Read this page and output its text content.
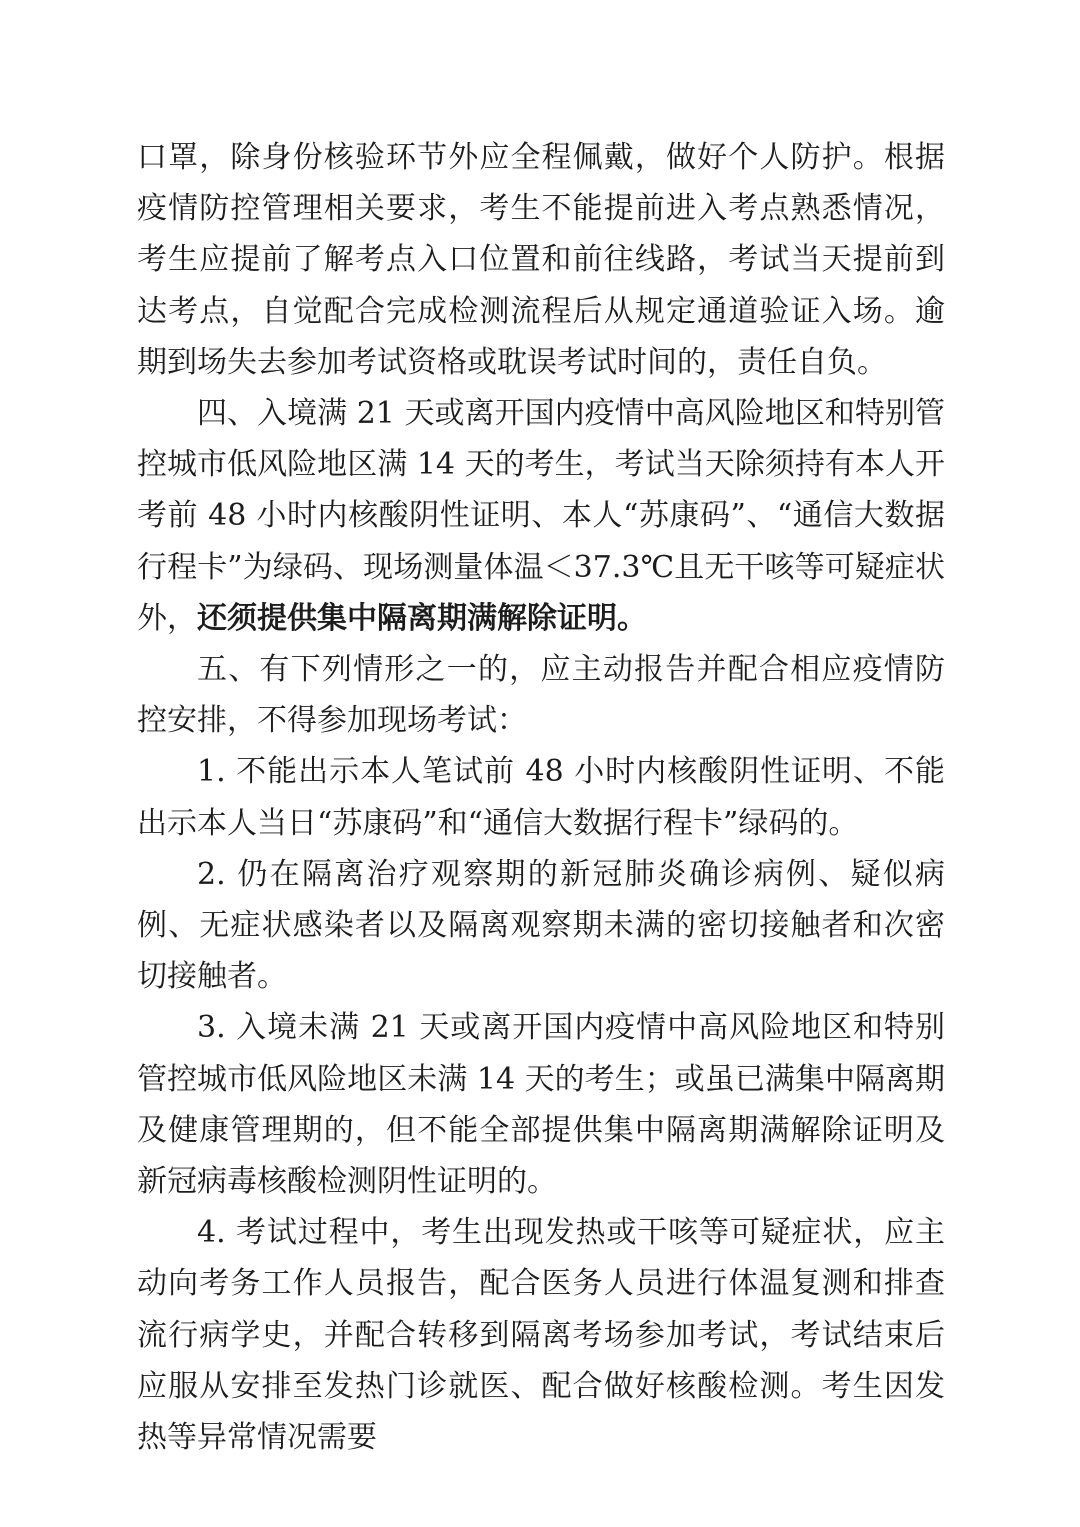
口罩，除身份核验环节外应全程佩戴，做好个人防护。根据疫情防控管理相关要求，考生不能提前进入考点熟悉情况，考生应提前了解考点入口位置和前往线路，考试当天提前到达考点，自觉配合完成检测流程后从规定通道验证入场。逾期到场失去参加考试资格或耽误考试时间的，责任自负。

四、入境满 21 天或离开国内疫情中高风险地区和特别管控城市低风险地区满 14 天的考生，考试当天除须持有本人开考前 48 小时内核酸阴性证明、本人“苏康码”、“通信大数据行程卡”为绿码、现场测量体温＜37.3℃且无干咳等可疑症状外，还须提供集中隔离期满解除证明。

五、有下列情形之一的，应主动报告并配合相应疫情防控安排，不得参加现场考试：

1. 不能出示本人笔试前 48 小时内核酸阴性证明、不能出示本人当日“苏康码”和“通信大数据行程卡”绿码的。

2. 仍在隔离治疗观察期的新冠肺炎确诊病例、疑似病例、无症状感染者以及隔离观察期未满的密切接触者和次密切接触者。

3. 入境未满 21 天或离开国内疫情中高风险地区和特别管控城市低风险地区未满 14 天的考生；或虽已满集中隔离期及健康管理期的，但不能全部提供集中隔离期满解除证明及新冠病毒核酸检测阴性证明的。

4. 考试过程中，考生出现发热或干咳等可疑症状，应主动向考务工作人员报告，配合医务人员进行体温复测和排查流行病学史，并配合转移到隔离考场参加考试，考试结束后应服从安排至发热门诊就医、配合做好核酸检测。考生因发热等异常情况需要
